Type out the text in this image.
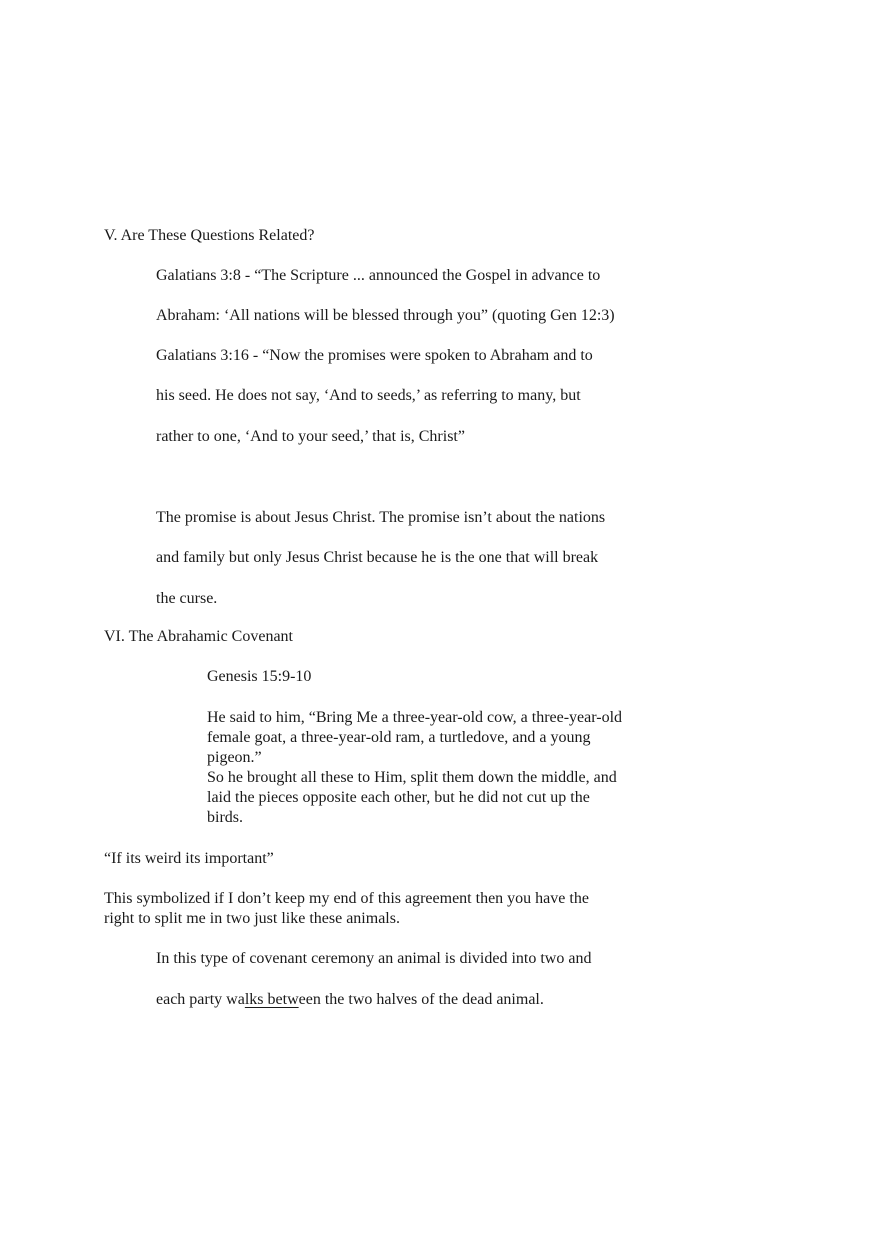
V. Are These Questions Related?
Galatians 3:8 - “The Scripture ... announced the Gospel in advance to
Abraham: ‘All nations will be blessed through you” (quoting Gen 12:3)
Galatians 3:16 - “Now the promises were spoken to Abraham and to
his seed. He does not say, ‘And to seeds,’ as referring to many, but
rather to one, ‘And to your seed,’ that is, Christ”
The promise is about Jesus Christ. The promise isn’t about the nations
and family but only Jesus Christ because he is the one that will break
the curse.
VI. The Abrahamic Covenant
Genesis 15:9-10
He said to him, “Bring Me a three-year-old cow, a three-year-old
female goat, a three-year-old ram, a turtledove, and a young
pigeon.”
So he brought all these to Him, split them down the middle, and
laid the pieces opposite each other, but he did not cut up the
birds.
“If its weird its important”
This symbolized if I don’t keep my end of this agreement then you have the
right to split me in two just like these animals.
In this type of covenant ceremony an animal is divided into two and
each party walks between the two halves of the dead animal.
